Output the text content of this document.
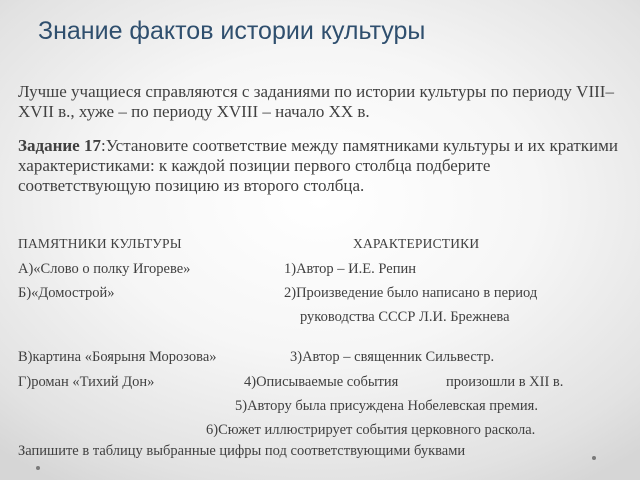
Знание фактов истории культуры
Лучше учащиеся справляются с заданиями по истории культуры по периоду VIII–XVII в., хуже – по периоду XVIII – начало XX в.
Задание 17:Установите соответствие между памятниками культуры и их краткими характеристиками: к каждой позиции первого столбца подберите соответствующую позицию из второго столбца.
ПАМЯТНИКИ КУЛЬТУРЫ	ХАРАКТЕРИСТИКИ
А)«Слово о полку Игореве»	1)Автор – И.Е. Репин
Б)«Домострой»	2)Произведение было написано в период
руководства СССР Л.И. Брежнева
В)картина «Боярыня Морозова»	3)Автор – священник Сильвестр.
Г)роман «Тихий Дон»	4)Описываемые события	произошли в XII в.
5)Автору была присуждена Нобелевская премия.
6)Сюжет иллюстрирует события церковного раскола.
Запишите в таблицу выбранные цифры под соответствующими буквами
